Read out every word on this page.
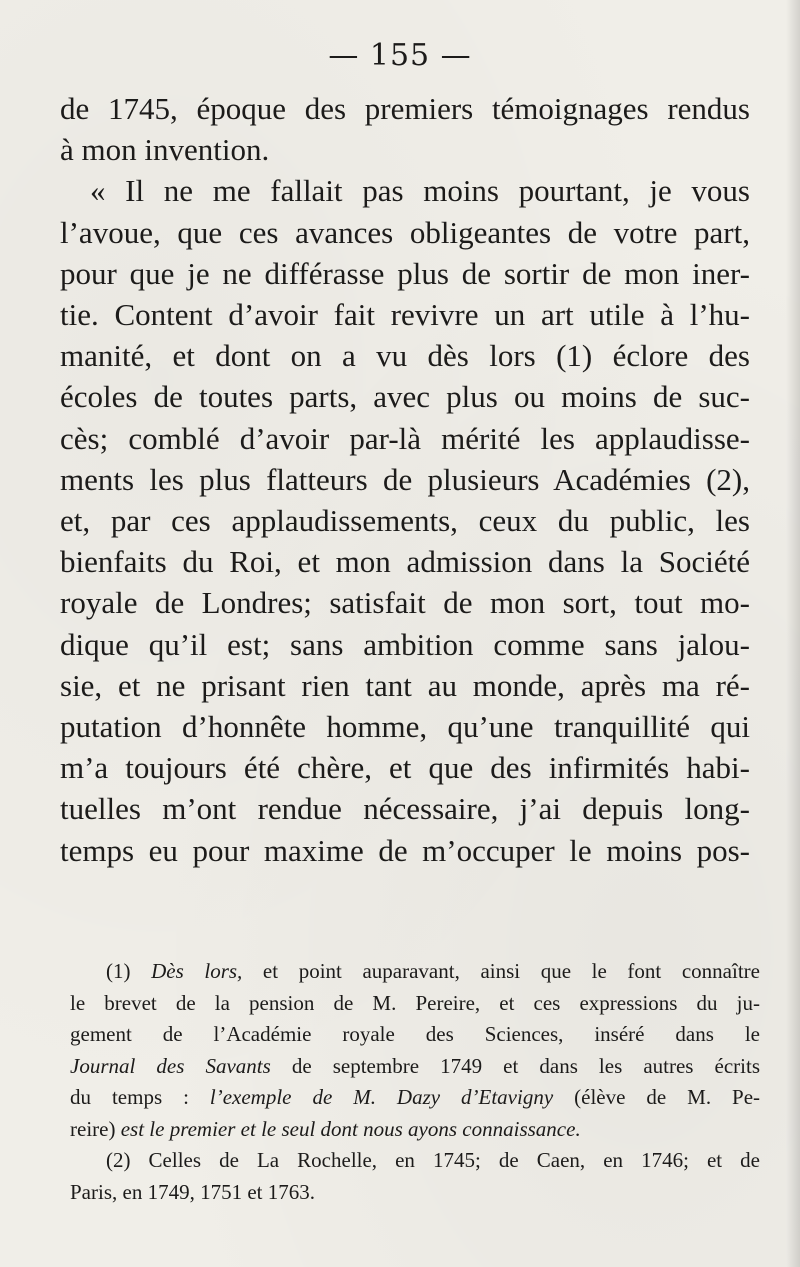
— 155 —
de 1745, époque des premiers témoignages rendus
à mon invention.
« Il ne me fallait pas moins pourtant, je vous
l’avoue, que ces avances obligeantes de votre part,
pour que je ne différasse plus de sortir de mon iner-
tie. Content d’avoir fait revivre un art utile à l’hu-
manité, et dont on a vu dès lors (1) éclore des
écoles de toutes parts, avec plus ou moins de suc-
cès; comblé d’avoir par-là mérité les applaudisse-
ments les plus flatteurs de plusieurs Académies (2),
et, par ces applaudissements, ceux du public, les
bienfaits du Roi, et mon admission dans la Société
royale de Londres; satisfait de mon sort, tout mo-
dique qu’il est; sans ambition comme sans jalou-
sie, et ne prisant rien tant au monde, après ma ré-
putation d’honnête homme, qu’une tranquillité qui
m’a toujours été chère, et que des infirmités habi-
tuelles m’ont rendue nécessaire, j’ai depuis long-
temps eu pour maxime de m’occuper le moins pos-
(1) Dès lors, et point auparavant, ainsi que le font connaître
le brevet de la pension de M. Pereire, et ces expressions du ju-
gement de l’Académie royale des Sciences, inséré dans le
Journal des Savants de septembre 1749 et dans les autres écrits
du temps : l’exemple de M. Dazy d’Etavigny (élève de M. Pe-
reire) est le premier et le seul dont nous ayons connaissance.
(2) Celles de La Rochelle, en 1745; de Caen, en 1746; et de
Paris, en 1749, 1751 et 1763.
